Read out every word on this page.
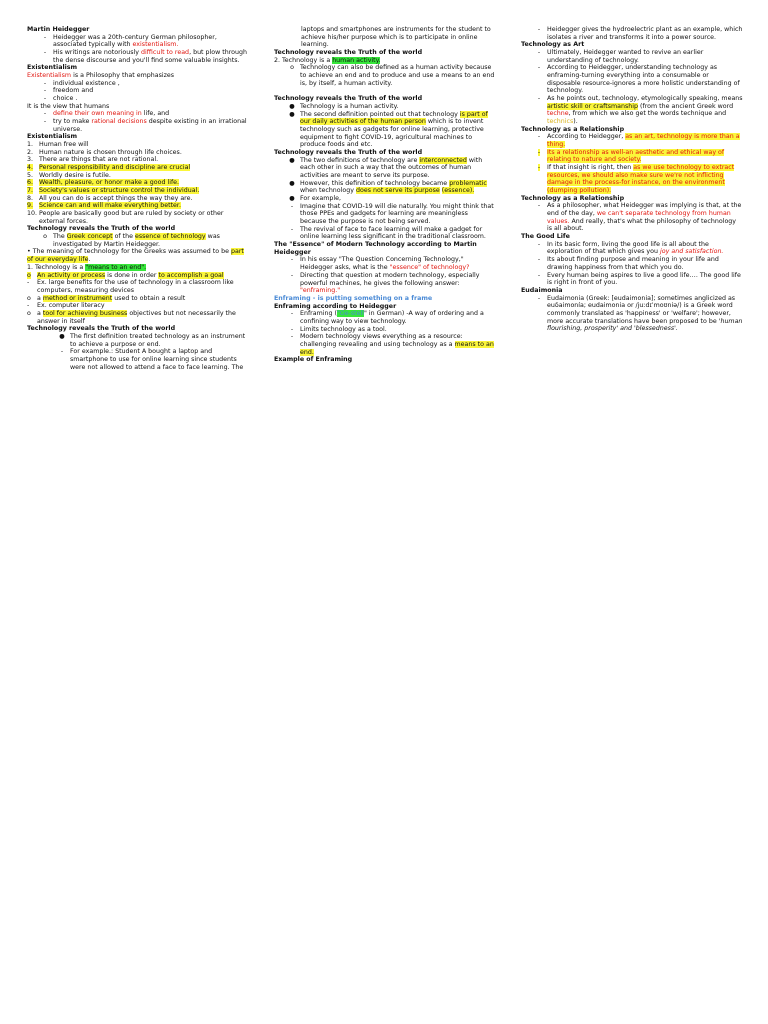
Martin Heidegger

-	Heidegger was a 20th-century German philosopher, associated typically with existentialism.
-	His writings are notoriously difficult to read, but plow through the dense discourse and you'll find some valuable insights.

Existentialism

Existentialism is a Philosophy that emphasizes

-	individual existence ,
-	freedom and
-	choice .

It is the view that humans

-	define their own meaning in life, and
-	try to make rational decisions despite existing in an irrational universe.

Existentialism

1. Human free will
2. Human nature is chosen through life choices.
3. There are things that are not rational.
4. Personal responsibility and discipline are crucial
5. Worldly desire is futile.
6. Wealth, pleasure, or honor make a good life.
7. Society's values or structure control the individual.
8. All you can do is accept things the way they are.
9. Science can and will make everything better.
10. People are basically good but are ruled by society or other external forces.

Technology reveals the Truth of the world

o The Greek concept of the essence of technology was investigated by Martin Heidegger.

• The meaning of technology for the Greeks was assumed to be part of our everyday life.

1. Technology is a "means to an end".

o An activity or process is done in order to accomplish a goal
-	Ex. large benefits for the use of technology in a classroom like computers, measuring devices
o a method or instrument used to obtain a result
-	Ex. computer literacy
o a tool for achieving business objectives but not necessarily the answer in itself

Technology reveals the Truth of the world

● The first definition treated technology as an instrument to achieve a purpose or end.
-	For example.: Student A bought a laptop and smartphone to use for online learning since students were not allowed to attend a face to face learning. The

laptops and smartphones are instruments for the student to achieve his/her purpose which is to participate in online learning.

Technology reveals the Truth of the world

2. Technology is a human activity.

o Technology can also be defined as a human activity because to achieve an end and to produce and use a means to an end is, by itself, a human activity.

Technology reveals the Truth of the world

● Technology is a human activity.
● The second definition pointed out that technology is part of our daily activities of the human person which is to invent technology such as gadgets for online learning, protective equipment to fight COVID-19, agricultural machines to produce foods and etc.

Technology reveals the Truth of the world

● The two definitions of technology are interconnected with each other in such a way that the outcomes of human activities are meant to serve its purpose.
● However, this definition of technology became problematic when technology does not serve its purpose (essence).
● For example,
-	Imagine that COVID-19 will die naturally. You might think that those PPEs and gadgets for learning are meaningless because the purpose is not being served.
-	The revival of face to face learning will make a gadget for online learning less significant in the traditional classroom.

The "Essence" of Modern Technology according to Martin Heidegger

-	In his essay "The Question Concerning Technology," Heidegger asks, what is the "essence" of technology?
-	Directing that question at modern technology, especially powerful machines, he gives the following answer:
"enframing."

Enframing - is putting something on a frame

Enframing according to Heidegger

-	Enframing ("Ge-stell" in German) -A way of ordering and a confining way to view technology.
-	Limits technology as a tool.
-	Modern technology views everything as a resource: challenging revealing and using technology as a means to an end.

Example of Enframing

-	Heidegger gives the hydroelectric plant as an example, which isolates a river and transforms it into a power source.

Technology as Art

-	Ultimately, Heidegger wanted to revive an earlier understanding of technology.
-	According to Heidegger, understanding technology as enframing-turning everything into a consumable or disposable resource-ignores a more holistic understanding of technology.
-	As he points out, technology, etymologically speaking, means artistic skill or craftsmanship (from the ancient Greek word techne, from which we also get the words technique and technics).

Technology as a Relationship

-	According to Heidegger, as an art, technology is more than a thing.
-	Its a relationship as well-an aesthetic and ethical way of relating to nature and society.
-	If that insight is right, then as we use technology to extract resources, we should also make sure we're not inflicting damage in the process-for instance, on the environment (dumping pollution).

Technology as a Relationship

-	As a philosopher, what Heidegger was implying is that, at the end of the day, we can't separate technology from human values. And really, that's what the philosophy of technology is all about.

The Good Life

-	In its basic form, living the good life is all about the exploration of that which gives you joy and satisfaction.
-	Its about finding purpose and meaning in your life and drawing happiness from that which you do.
-	Every human being aspires to live a good life…. The good life is right in front of you.

Eudaimonia

-	Eudaimonia (Greek: [eudaimonia]; sometimes anglicized as euδaimonía; eudaimonia or /juːdɪˈmoʊniə/) is a Greek word commonly translated as 'happiness' or 'welfare'; however, more accurate translations have been proposed to be 'human flourishing, prosperity' and 'blessedness'.
